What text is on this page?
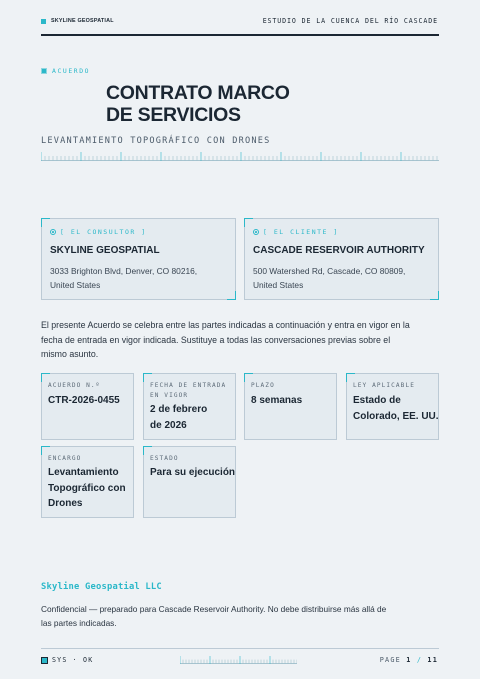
SKYLINE GEOSPATIAL	ESTUDIO DE LA CUENCA DEL RÍO CASCADE
ACUERDO
CONTRATO MARCO
DE SERVICIOS
LEVANTAMIENTO TOPOGRÁFICO CON DRONES
[ EL CONSULTOR ]
SKYLINE GEOSPATIAL
3033 Brighton Blvd, Denver, CO 80216,
United States
[ EL CLIENTE ]
CASCADE RESERVOIR AUTHORITY
500 Watershed Rd, Cascade, CO 80809,
United States
El presente Acuerdo se celebra entre las partes indicadas a continuación y entra en vigor en la fecha de entrada en vigor indicada. Sustituye a todas las conversaciones previas sobre el mismo asunto.
ACUERDO N.º
CTR-2026-0455
FECHA DE ENTRADA EN VIGOR
2 de febrero
de 2026
PLAZO
8 semanas
LEY APLICABLE
Estado de
Colorado, EE. UU.
ENCARGO
Levantamiento
Topográfico con
Drones
ESTADO
Para su ejecución
Skyline Geospatial LLC
Confidencial — preparado para Cascade Reservoir Authority. No debe distribuirse más allá de las partes indicadas.
SYS · OK	PAGE 1 / 11
